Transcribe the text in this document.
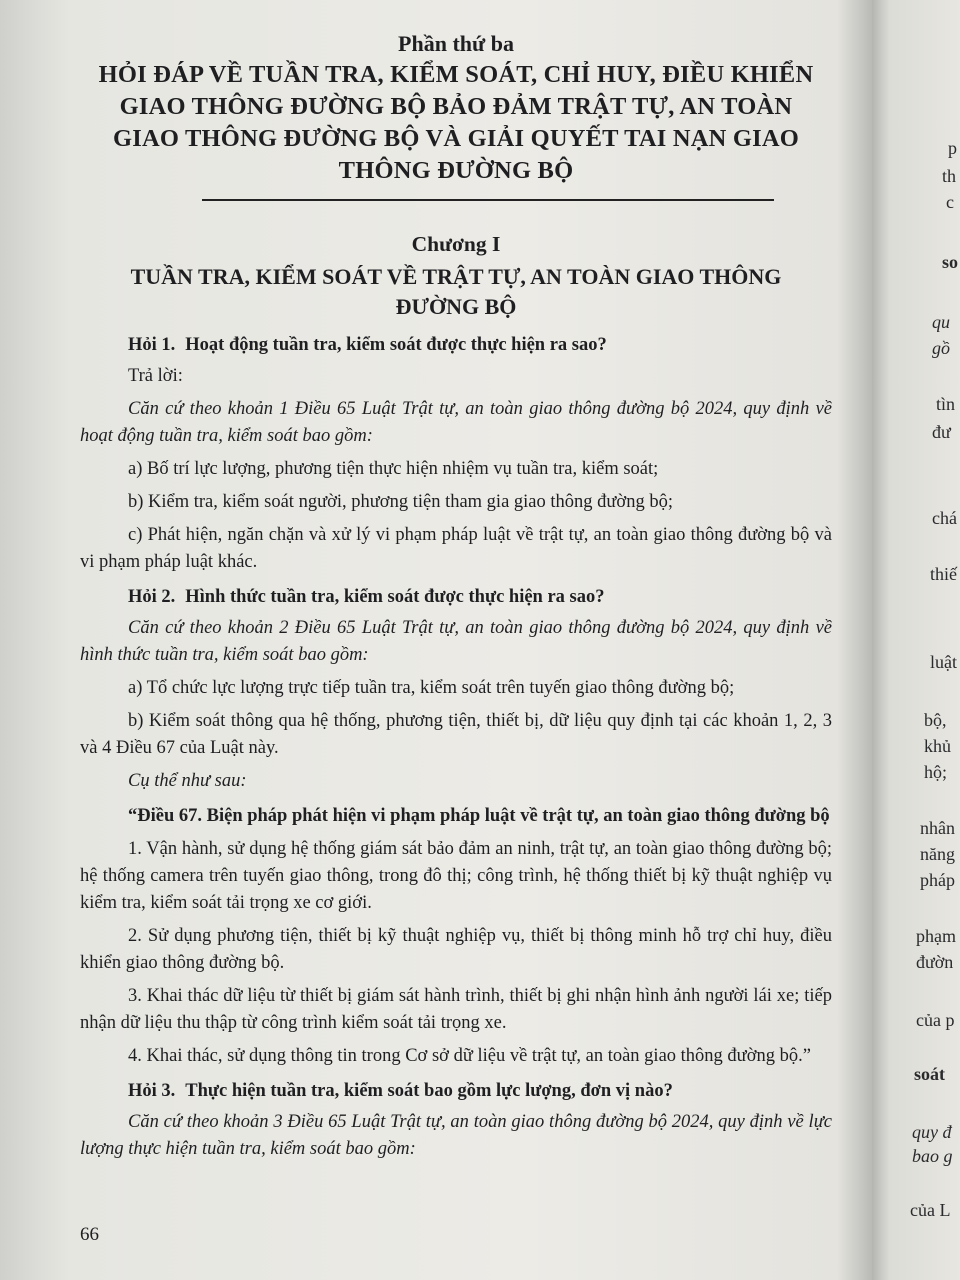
Phần thứ ba
HỎI ĐÁP VỀ TUẦN TRA, KIỂM SOÁT, CHỈ HUY, ĐIỀU KHIỂN
GIAO THÔNG ĐƯỜNG BỘ BẢO ĐẢM TRẬT TỰ, AN TOÀN
GIAO THÔNG ĐƯỜNG BỘ VÀ GIẢI QUYẾT TAI NẠN GIAO
THÔNG ĐƯỜNG BỘ
Chương I
TUẦN TRA, KIỂM SOÁT VỀ TRẬT TỰ, AN TOÀN GIAO THÔNG
ĐƯỜNG BỘ
Hỏi 1. Hoạt động tuần tra, kiểm soát được thực hiện ra sao?

Trả lời:

Căn cứ theo khoản 1 Điều 65 Luật Trật tự, an toàn giao thông đường bộ 2024, quy định về hoạt động tuần tra, kiểm soát bao gồm:

a) Bố trí lực lượng, phương tiện thực hiện nhiệm vụ tuần tra, kiểm soát;

b) Kiểm tra, kiểm soát người, phương tiện tham gia giao thông đường bộ;

c) Phát hiện, ngăn chặn và xử lý vi phạm pháp luật về trật tự, an toàn giao thông đường bộ và vi phạm pháp luật khác.

Hỏi 2. Hình thức tuần tra, kiểm soát được thực hiện ra sao?

Căn cứ theo khoản 2 Điều 65 Luật Trật tự, an toàn giao thông đường bộ 2024, quy định về hình thức tuần tra, kiểm soát bao gồm:

a) Tổ chức lực lượng trực tiếp tuần tra, kiểm soát trên tuyến giao thông đường bộ;

b) Kiểm soát thông qua hệ thống, phương tiện, thiết bị, dữ liệu quy định tại các khoản 1, 2, 3 và 4 Điều 67 của Luật này.

Cụ thể như sau:

“Điều 67. Biện pháp phát hiện vi phạm pháp luật về trật tự, an toàn giao thông đường bộ

1. Vận hành, sử dụng hệ thống giám sát bảo đảm an ninh, trật tự, an toàn giao thông đường bộ; hệ thống camera trên tuyến giao thông, trong đô thị; công trình, hệ thống thiết bị kỹ thuật nghiệp vụ kiểm tra, kiểm soát tải trọng xe cơ giới.

2. Sử dụng phương tiện, thiết bị kỹ thuật nghiệp vụ, thiết bị thông minh hỗ trợ chỉ huy, điều khiển giao thông đường bộ.

3. Khai thác dữ liệu từ thiết bị giám sát hành trình, thiết bị ghi nhận hình ảnh người lái xe; tiếp nhận dữ liệu thu thập từ công trình kiểm soát tải trọng xe.

4. Khai thác, sử dụng thông tin trong Cơ sở dữ liệu về trật tự, an toàn giao thông đường bộ.”

Hỏi 3. Thực hiện tuần tra, kiểm soát bao gồm lực lượng, đơn vị nào?

Căn cứ theo khoản 3 Điều 65 Luật Trật tự, an toàn giao thông đường bộ 2024, quy định về lực lượng thực hiện tuần tra, kiểm soát bao gồm:

66
p
th
c
so
qu
gồ
tìn
đư
chá
thiế
luật
bộ,
khủ
hộ;
nhân
năng
pháp
phạm
đườn
của p
soát
quy đ
bao g
của L
